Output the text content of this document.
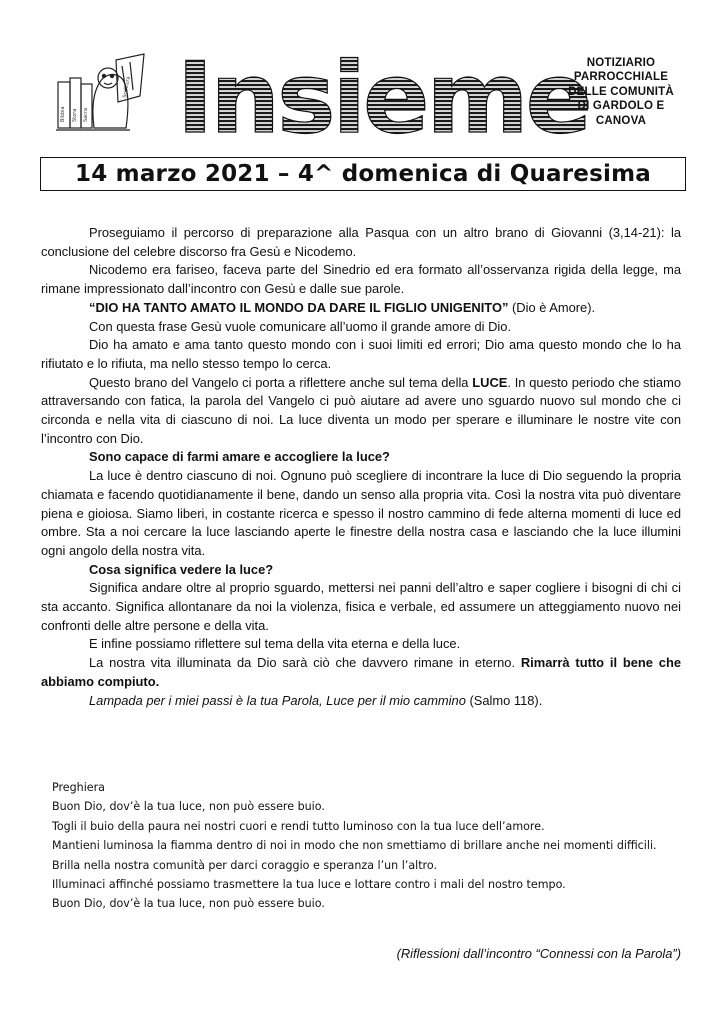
Bibbia Stora Sacra
Scrittura Insieme
NOTIZIARIO
PARROCCHIALE
DELLE COMUNITÀ
DI GARDOLO E
CANOVA
14 marzo 2021 – 4^ domenica di Quaresima

Proseguiamo il percorso di preparazione alla Pasqua con un altro brano di Giovanni (3,14-21): la conclusione del celebre discorso fra Gesù e Nicodemo.

Nicodemo era fariseo, faceva parte del Sinedrio ed era formato all’osservanza rigida della legge, ma rimane impressionato dall’incontro con Gesù e dalle sue parole.

“DIO HA TANTO AMATO IL MONDO DA DARE IL FIGLIO UNIGENITO” (Dio è Amore).

Con questa frase Gesù vuole comunicare all’uomo il grande amore di Dio.

Dio ha amato e ama tanto questo mondo con i suoi limiti ed errori; Dio ama questo mondo che lo ha rifiutato e lo rifiuta, ma nello stesso tempo lo cerca.

Questo brano del Vangelo ci porta a riflettere anche sul tema della LUCE. In questo periodo che stiamo attraversando con fatica, la parola del Vangelo ci può aiutare ad avere uno sguardo nuovo sul mondo che ci circonda e nella vita di ciascuno di noi. La luce diventa un modo per sperare e illuminare le nostre vite con l’incontro con Dio.

Sono capace di farmi amare e accogliere la luce?

La luce è dentro ciascuno di noi. Ognuno può scegliere di incontrare la luce di Dio seguendo la propria chiamata e facendo quotidianamente il bene, dando un senso alla propria vita. Così la nostra vita può diventare piena e gioiosa. Siamo liberi, in costante ricerca e spesso il nostro cammino di fede alterna momenti di luce ed ombre. Sta a noi cercare la luce lasciando aperte le finestre della nostra casa e lasciando che la luce illumini ogni angolo della nostra vita.

Cosa significa vedere la luce?

Significa andare oltre al proprio sguardo, mettersi nei panni dell’altro e saper cogliere i bisogni di chi ci sta accanto. Significa allontanare da noi la violenza, fisica e verbale, ed assumere un atteggiamento nuovo nei confronti delle altre persone e della vita.

E infine possiamo riflettere sul tema della vita eterna e della luce.

La nostra vita illuminata da Dio sarà ciò che davvero rimane in eterno. Rimarrà tutto il bene che abbiamo compiuto.

Lampada per i miei passi è la tua Parola, Luce per il mio cammino (Salmo 118).

Preghiera
Buon Dio, dov’è la tua luce, non può essere buio.
Togli il buio della paura nei nostri cuori e rendi tutto luminoso con la tua luce dell’amore.
Mantieni luminosa la fiamma dentro di noi in modo che non smettiamo di brillare anche nei momenti difficili.
Brilla nella nostra comunità per darci coraggio e speranza l’un l’altro.
Illuminaci affinché possiamo trasmettere la tua luce e lottare contro i mali del nostro tempo.
Buon Dio, dov’è la tua luce, non può essere buio.
(Riflessioni dall’incontro “Connessi con la Parola”)
